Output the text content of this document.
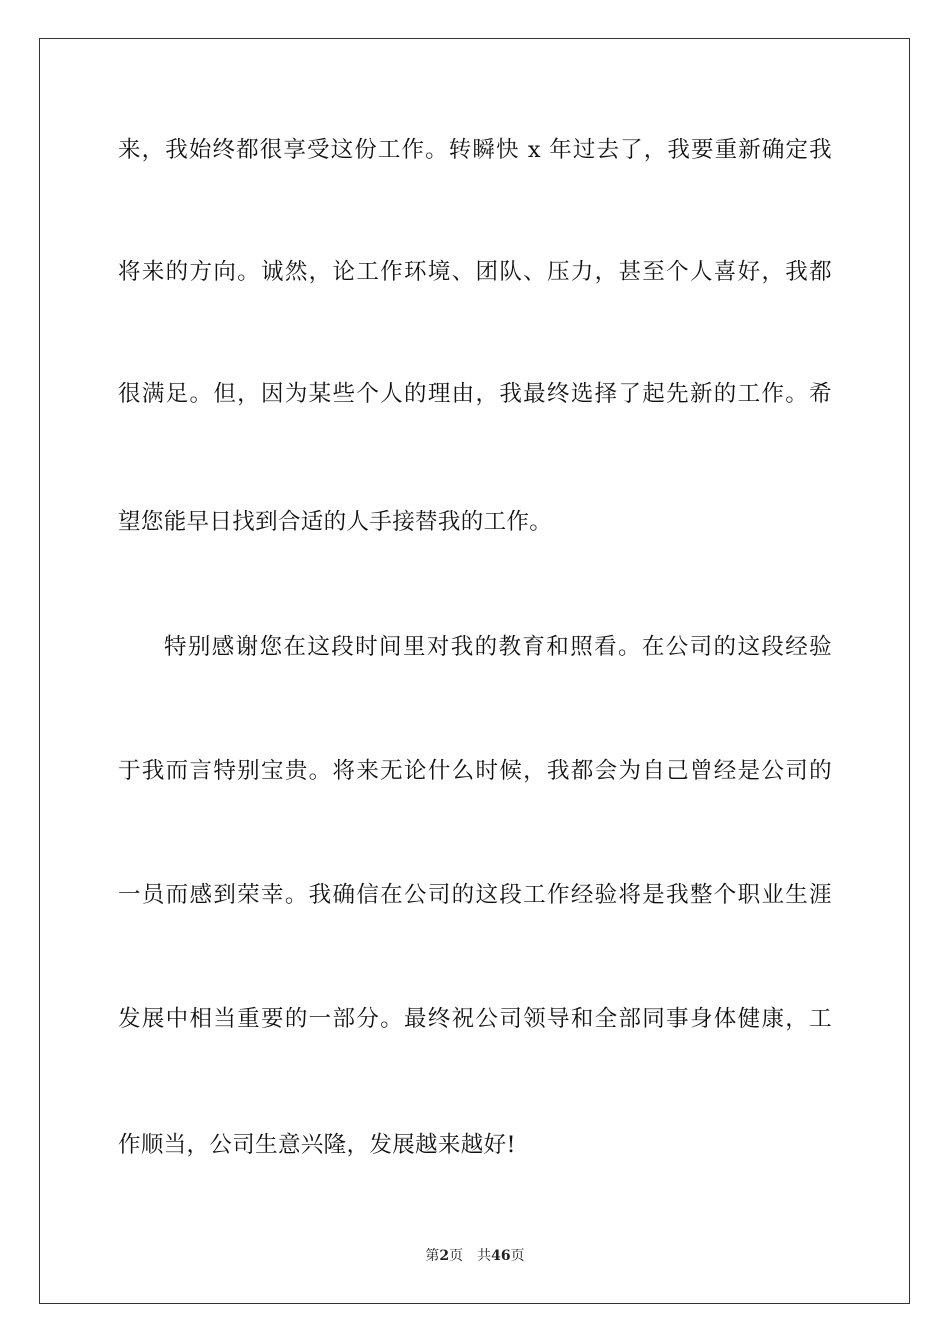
来，我始终都很享受这份工作。转瞬快 x 年过去了，我要重新确定我
将来的方向。诚然，论工作环境、团队、压力，甚至个人喜好，我都
很满足。但，因为某些个人的理由，我最终选择了起先新的工作。希
望您能早日找到合适的人手接替我的工作。
特别感谢您在这段时间里对我的教育和照看。在公司的这段经验
于我而言特别宝贵。将来无论什么时候，我都会为自己曾经是公司的
一员而感到荣幸。我确信在公司的这段工作经验将是我整个职业生涯
发展中相当重要的一部分。最终祝公司领导和全部同事身体健康，工
作顺当，公司生意兴隆，发展越来越好!
第2页 共46页
